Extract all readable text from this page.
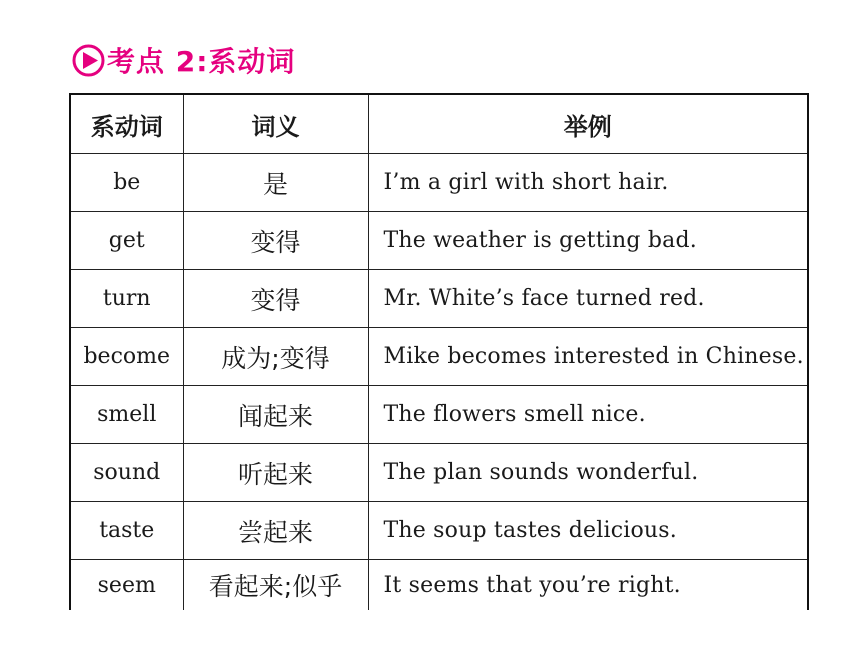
考点 2:系动词
系动词	词义	举例
be	是	I’m a girl with short hair.
get	变得	The weather is getting bad.
turn	变得	Mr. White’s face turned red.
become	成为;变得	Mike becomes interested in Chinese.
smell	闻起来	The flowers smell nice.
sound	听起来	The plan sounds wonderful.
taste	尝起来	The soup tastes delicious.
seem	看起来;似乎	It seems that you’re right.
